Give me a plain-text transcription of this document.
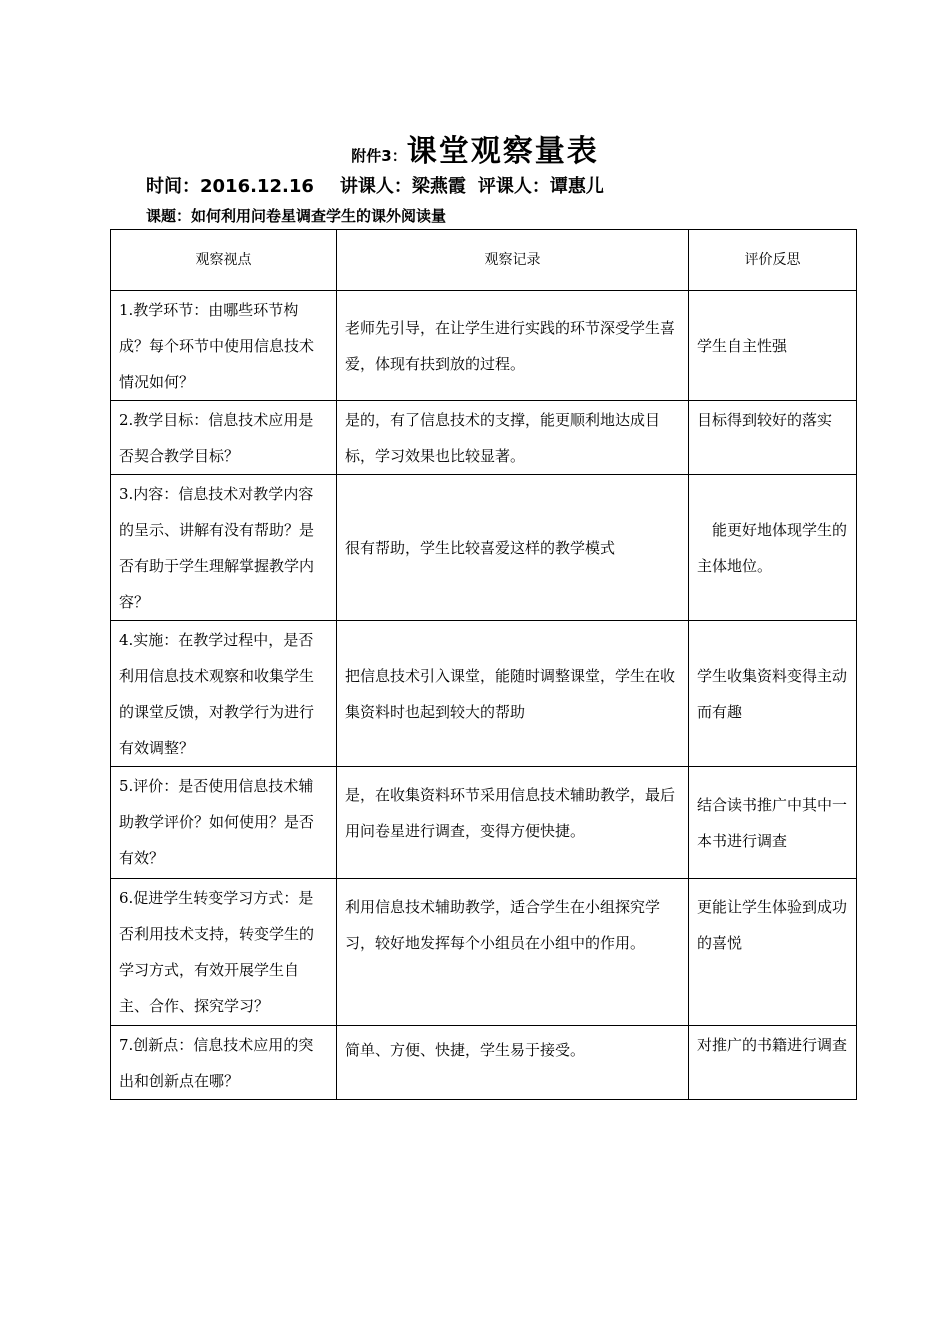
附件3：课堂观察量表
时间：2016.12.16 讲课人：梁燕霞 评课人：谭惠儿
课题：如何利用问卷星调查学生的课外阅读量
观察视点	观察记录	评价反思
1.教学环节：由哪些环节构成？每个环节中使用信息技术情况如何？	老师先引导，在让学生进行实践的环节深受学生喜爱，体现有扶到放的过程。	学生自主性强
2.教学目标：信息技术应用是否契合教学目标？	是的，有了信息技术的支撑，能更顺利地达成目标，学习效果也比较显著。	目标得到较好的落实
3.内容：信息技术对教学内容的呈示、讲解有没有帮助？是否有助于学生理解掌握教学内容？	很有帮助，学生比较喜爱这样的教学模式	　能更好地体现学生的主体地位。
4.实施：在教学过程中，是否利用信息技术观察和收集学生的课堂反馈，对教学行为进行有效调整？	把信息技术引入课堂，能随时调整课堂，学生在收集资料时也起到较大的帮助	学生收集资料变得主动而有趣
5.评价：是否使用信息技术辅助教学评价？如何使用？是否有效？	是，在收集资料环节采用信息技术辅助教学，最后用问卷星进行调查，变得方便快捷。	结合读书推广中其中一本书进行调查
6.促进学生转变学习方式：是否利用技术支持，转变学生的学习方式，有效开展学生自主、合作、探究学习？	利用信息技术辅助教学，适合学生在小组探究学习，较好地发挥每个小组员在小组中的作用。	更能让学生体验到成功的喜悦
7.创新点：信息技术应用的突出和创新点在哪？	简单、方便、快捷，学生易于接受。	对推广的书籍进行调查
